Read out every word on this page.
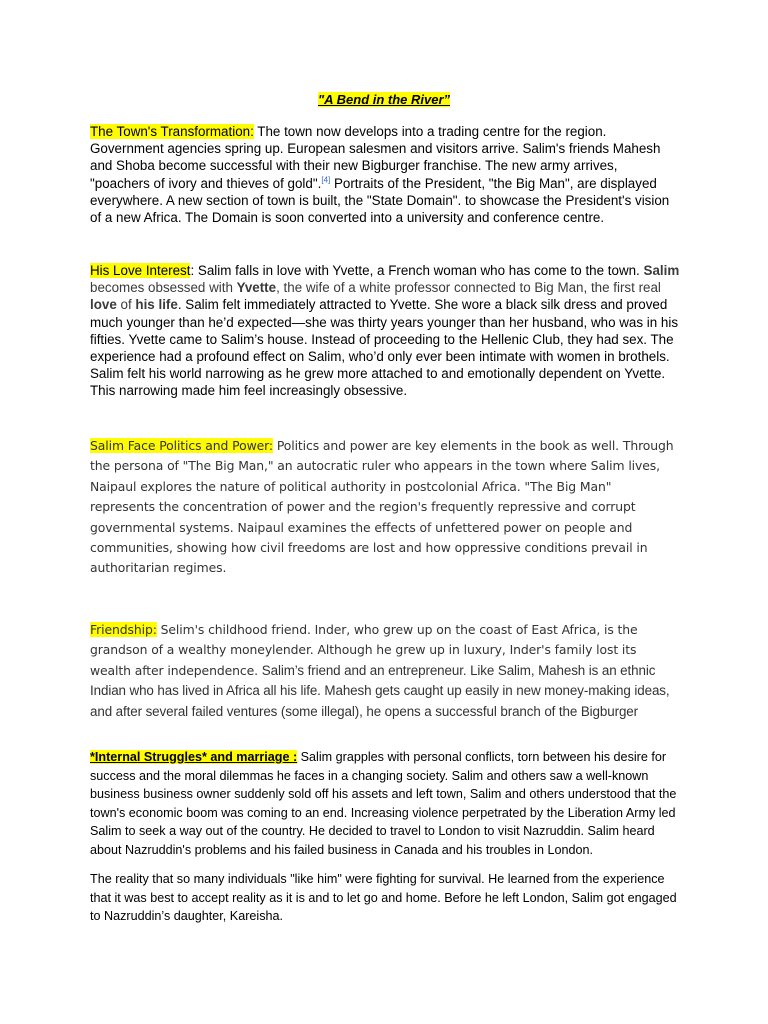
"A Bend in the River”

The Town's Transformation: The town now develops into a trading centre for the region. Government agencies spring up. European salesmen and visitors arrive. Salim's friends Mahesh and Shoba become successful with their new Bigburger franchise. The new army arrives, "poachers of ivory and thieves of gold".[4] Portraits of the President, "the Big Man", are displayed everywhere. A new section of town is built, the "State Domain". to showcase the President's vision of a new Africa. The Domain is soon converted into a university and conference centre.

His Love Interest: Salim falls in love with Yvette, a French woman who has come to the town. Salim becomes obsessed with Yvette, the wife of a white professor connected to Big Man, the first real love of his life. Salim felt immediately attracted to Yvette. She wore a black silk dress and proved much younger than he’d expected—she was thirty years younger than her husband, who was in his fifties. Yvette came to Salim’s house. Instead of proceeding to the Hellenic Club, they had sex. The experience had a profound effect on Salim, who’d only ever been intimate with women in brothels. Salim felt his world narrowing as he grew more attached to and emotionally dependent on Yvette. This narrowing made him feel increasingly obsessive.

Salim Face Politics and Power: Politics and power are key elements in the book as well. Through the persona of "The Big Man," an autocratic ruler who appears in the town where Salim lives, Naipaul explores the nature of political authority in postcolonial Africa. "The Big Man" represents the concentration of power and the region's frequently repressive and corrupt governmental systems. Naipaul examines the effects of unfettered power on people and communities, showing how civil freedoms are lost and how oppressive conditions prevail in authoritarian regimes.

Friendship: Selim's childhood friend. Inder, who grew up on the coast of East Africa, is the grandson of a wealthy moneylender. Although he grew up in luxury, Inder's family lost its wealth after independence. Salim’s friend and an entrepreneur. Like Salim, Mahesh is an ethnic Indian who has lived in Africa all his life. Mahesh gets caught up easily in new money-making ideas, and after several failed ventures (some illegal), he opens a successful branch of the Bigburger

*Internal Struggles* and marriage : Salim grapples with personal conflicts, torn between his desire for success and the moral dilemmas he faces in a changing society. Salim and others saw a well-known business business owner suddenly sold off his assets and left town, Salim and others understood that the town's economic boom was coming to an end. Increasing violence perpetrated by the Liberation Army led Salim to seek a way out of the country. He decided to travel to London to visit Nazruddin. Salim heard about Nazruddin's problems and his failed business in Canada and his troubles in London.

The reality that so many individuals "like him" were fighting for survival. He learned from the experience that it was best to accept reality as it is and to let go and home. Before he left London, Salim got engaged to Nazruddin’s daughter, Kareisha.
